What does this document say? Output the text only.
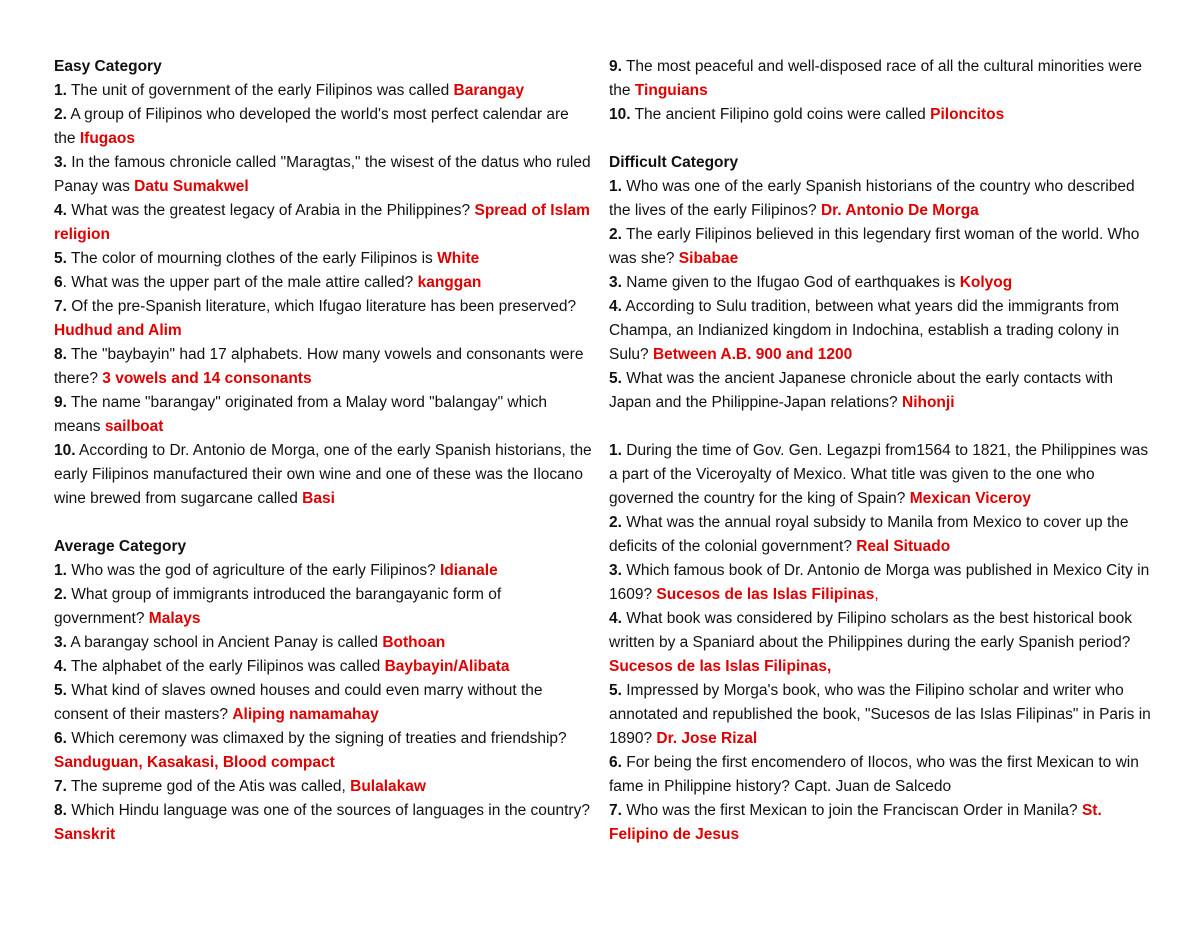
Easy Category

1. The unit of government of the early Filipinos was called Barangay

2. A group of Filipinos who developed the world's most perfect calendar are the Ifugaos

3. In the famous chronicle called "Maragtas," the wisest of the datus who ruled Panay was Datu Sumakwel

4. What was the greatest legacy of Arabia in the Philippines? Spread of Islam religion

5. The color of mourning clothes of the early Filipinos is White

6. What was the upper part of the male attire called? kanggan

7. Of the pre-Spanish literature, which Ifugao literature has been preserved? Hudhud and Alim

8. The "baybayin" had 17 alphabets. How many vowels and consonants were there? 3 vowels and 14 consonants

9. The name "barangay" originated from a Malay word "balangay" which means sailboat

10. According to Dr. Antonio de Morga, one of the early Spanish historians, the early Filipinos manufactured their own wine and one of these was the Ilocano wine brewed from sugarcane called Basi

Average Category

1. Who was the god of agriculture of the early Filipinos? Idianale

2. What group of immigrants introduced the barangayanic form of government? Malays

3. A barangay school in Ancient Panay is called Bothoan

4. The alphabet of the early Filipinos was called Baybayin/Alibata

5. What kind of slaves owned houses and could even marry without the consent of their masters? Aliping namamahay

6. Which ceremony was climaxed by the signing of treaties and friendship? Sanduguan, Kasakasi, Blood compact

7. The supreme god of the Atis was called, Bulalakaw

8. Which Hindu language was one of the sources of languages in the country? Sanskrit

9. The most peaceful and well-disposed race of all the cultural minorities were the Tinguians

10. The ancient Filipino gold coins were called Piloncitos

Difficult Category

1. Who was one of the early Spanish historians of the country who described the lives of the early Filipinos? Dr. Antonio De Morga

2. The early Filipinos believed in this legendary first woman of the world. Who was she? Sibabae

3. Name given to the Ifugao God of earthquakes is Kolyog

4. According to Sulu tradition, between what years did the immigrants from Champa, an Indianized kingdom in Indochina, establish a trading colony in Sulu? Between A.B. 900 and 1200

5. What was the ancient Japanese chronicle about the early contacts with Japan and the Philippine-Japan relations? Nihonji

1. During the time of Gov. Gen. Legazpi from1564 to 1821, the Philippines was a part of the Viceroyalty of Mexico. What title was given to the one who governed the country for the king of Spain? Mexican Viceroy

2. What was the annual royal subsidy to Manila from Mexico to cover up the deficits of the colonial government? Real Situado

3. Which famous book of Dr. Antonio de Morga was published in Mexico City in 1609? Sucesos de las Islas Filipinas,

4. What book was considered by Filipino scholars as the best historical book written by a Spaniard about the Philippines during the early Spanish period? Sucesos de las Islas Filipinas,

5. Impressed by Morga's book, who was the Filipino scholar and writer who annotated and republished the book, "Sucesos de las Islas Filipinas" in Paris in 1890? Dr. Jose Rizal

6. For being the first encomendero of Ilocos, who was the first Mexican to win fame in Philippine history? Capt. Juan de Salcedo

7. Who was the first Mexican to join the Franciscan Order in Manila? St. Felipino de Jesus
